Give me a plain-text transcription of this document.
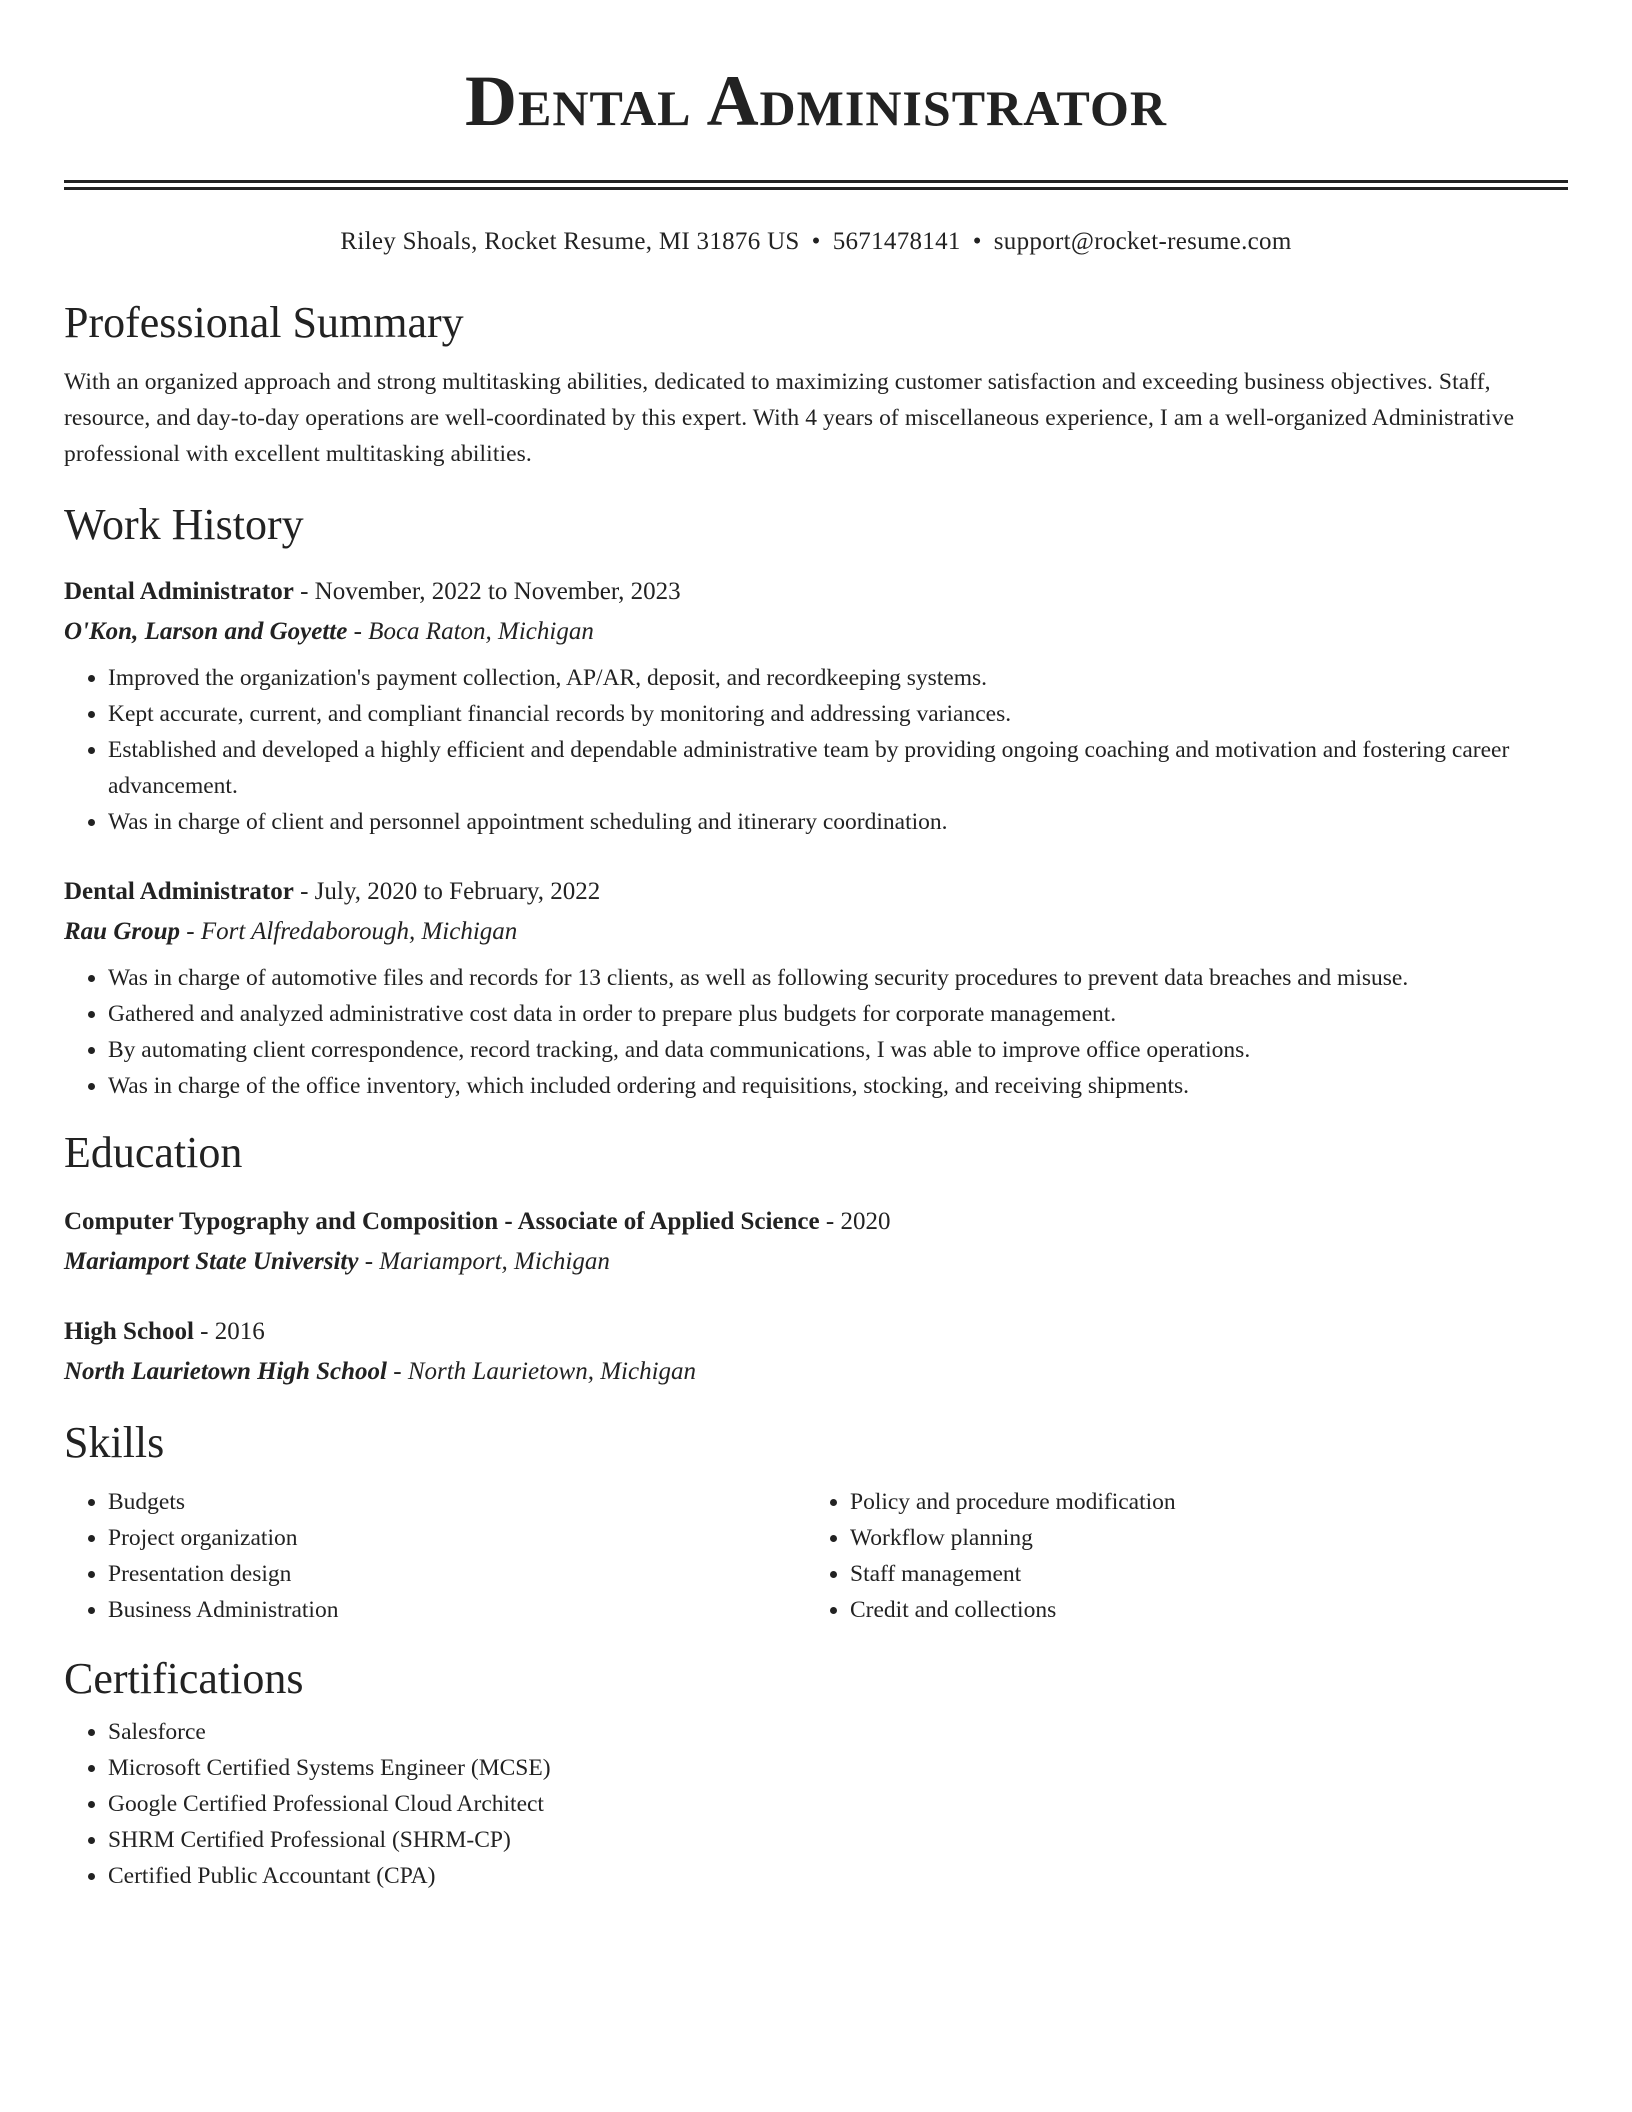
Dental Administrator
Riley Shoals, Rocket Resume, MI 31876 US • 5671478141 • support@rocket-resume.com
Professional Summary

With an organized approach and strong multitasking abilities, dedicated to maximizing customer satisfaction and exceeding business objectives. Staff, resource, and day-to-day operations are well-coordinated by this expert. With 4 years of miscellaneous experience, I am a well-organized Administrative professional with excellent multitasking abilities.

Work History
Dental Administrator - November, 2022 to November, 2023
O'Kon, Larson and Goyette - Boca Raton, Michigan
• Improved the organization's payment collection, AP/AR, deposit, and recordkeeping systems.
• Kept accurate, current, and compliant financial records by monitoring and addressing variances.
• Established and developed a highly efficient and dependable administrative team by providing ongoing coaching and motivation and fostering career advancement.
• Was in charge of client and personnel appointment scheduling and itinerary coordination.
Dental Administrator - July, 2020 to February, 2022
Rau Group - Fort Alfredaborough, Michigan
• Was in charge of automotive files and records for 13 clients, as well as following security procedures to prevent data breaches and misuse.
• Gathered and analyzed administrative cost data in order to prepare plus budgets for corporate management.
• By automating client correspondence, record tracking, and data communications, I was able to improve office operations.
• Was in charge of the office inventory, which included ordering and requisitions, stocking, and receiving shipments.
Education
Computer Typography and Composition - Associate of Applied Science - 2020
Mariamport State University - Mariamport, Michigan
High School - 2016
North Laurietown High School - North Laurietown, Michigan
Skills
• Budgets
• Project organization
• Presentation design
• Business Administration
• Policy and procedure modification
• Workflow planning
• Staff management
• Credit and collections
Certifications
• Salesforce
• Microsoft Certified Systems Engineer (MCSE)
• Google Certified Professional Cloud Architect
• SHRM Certified Professional (SHRM-CP)
• Certified Public Accountant (CPA)
